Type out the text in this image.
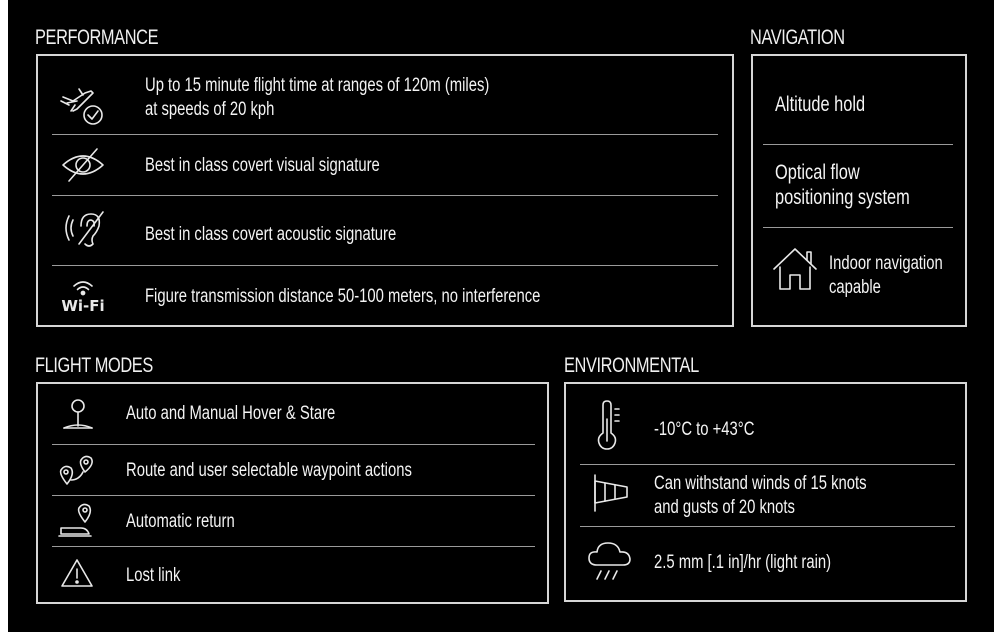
PERFORMANCE
Up to 15 minute flight time at ranges of 120m (miles)
at speeds of 20 kph
Best in class covert visual signature
Best in class covert acoustic signature
Wi-Fi Figure transmission distance 50-100 meters, no interference
NAVIGATION
Altitude hold
Optical flow
positioning system
Indoor navigation
capable
FLIGHT MODES
Auto and Manual Hover & Stare
Route and user selectable waypoint actions
Automatic return
Lost link
ENVIRONMENTAL
-10°C to +43°C
Can withstand winds of 15 knots
and gusts of 20 knots
2.5 mm [.1 in]/hr (light rain)
